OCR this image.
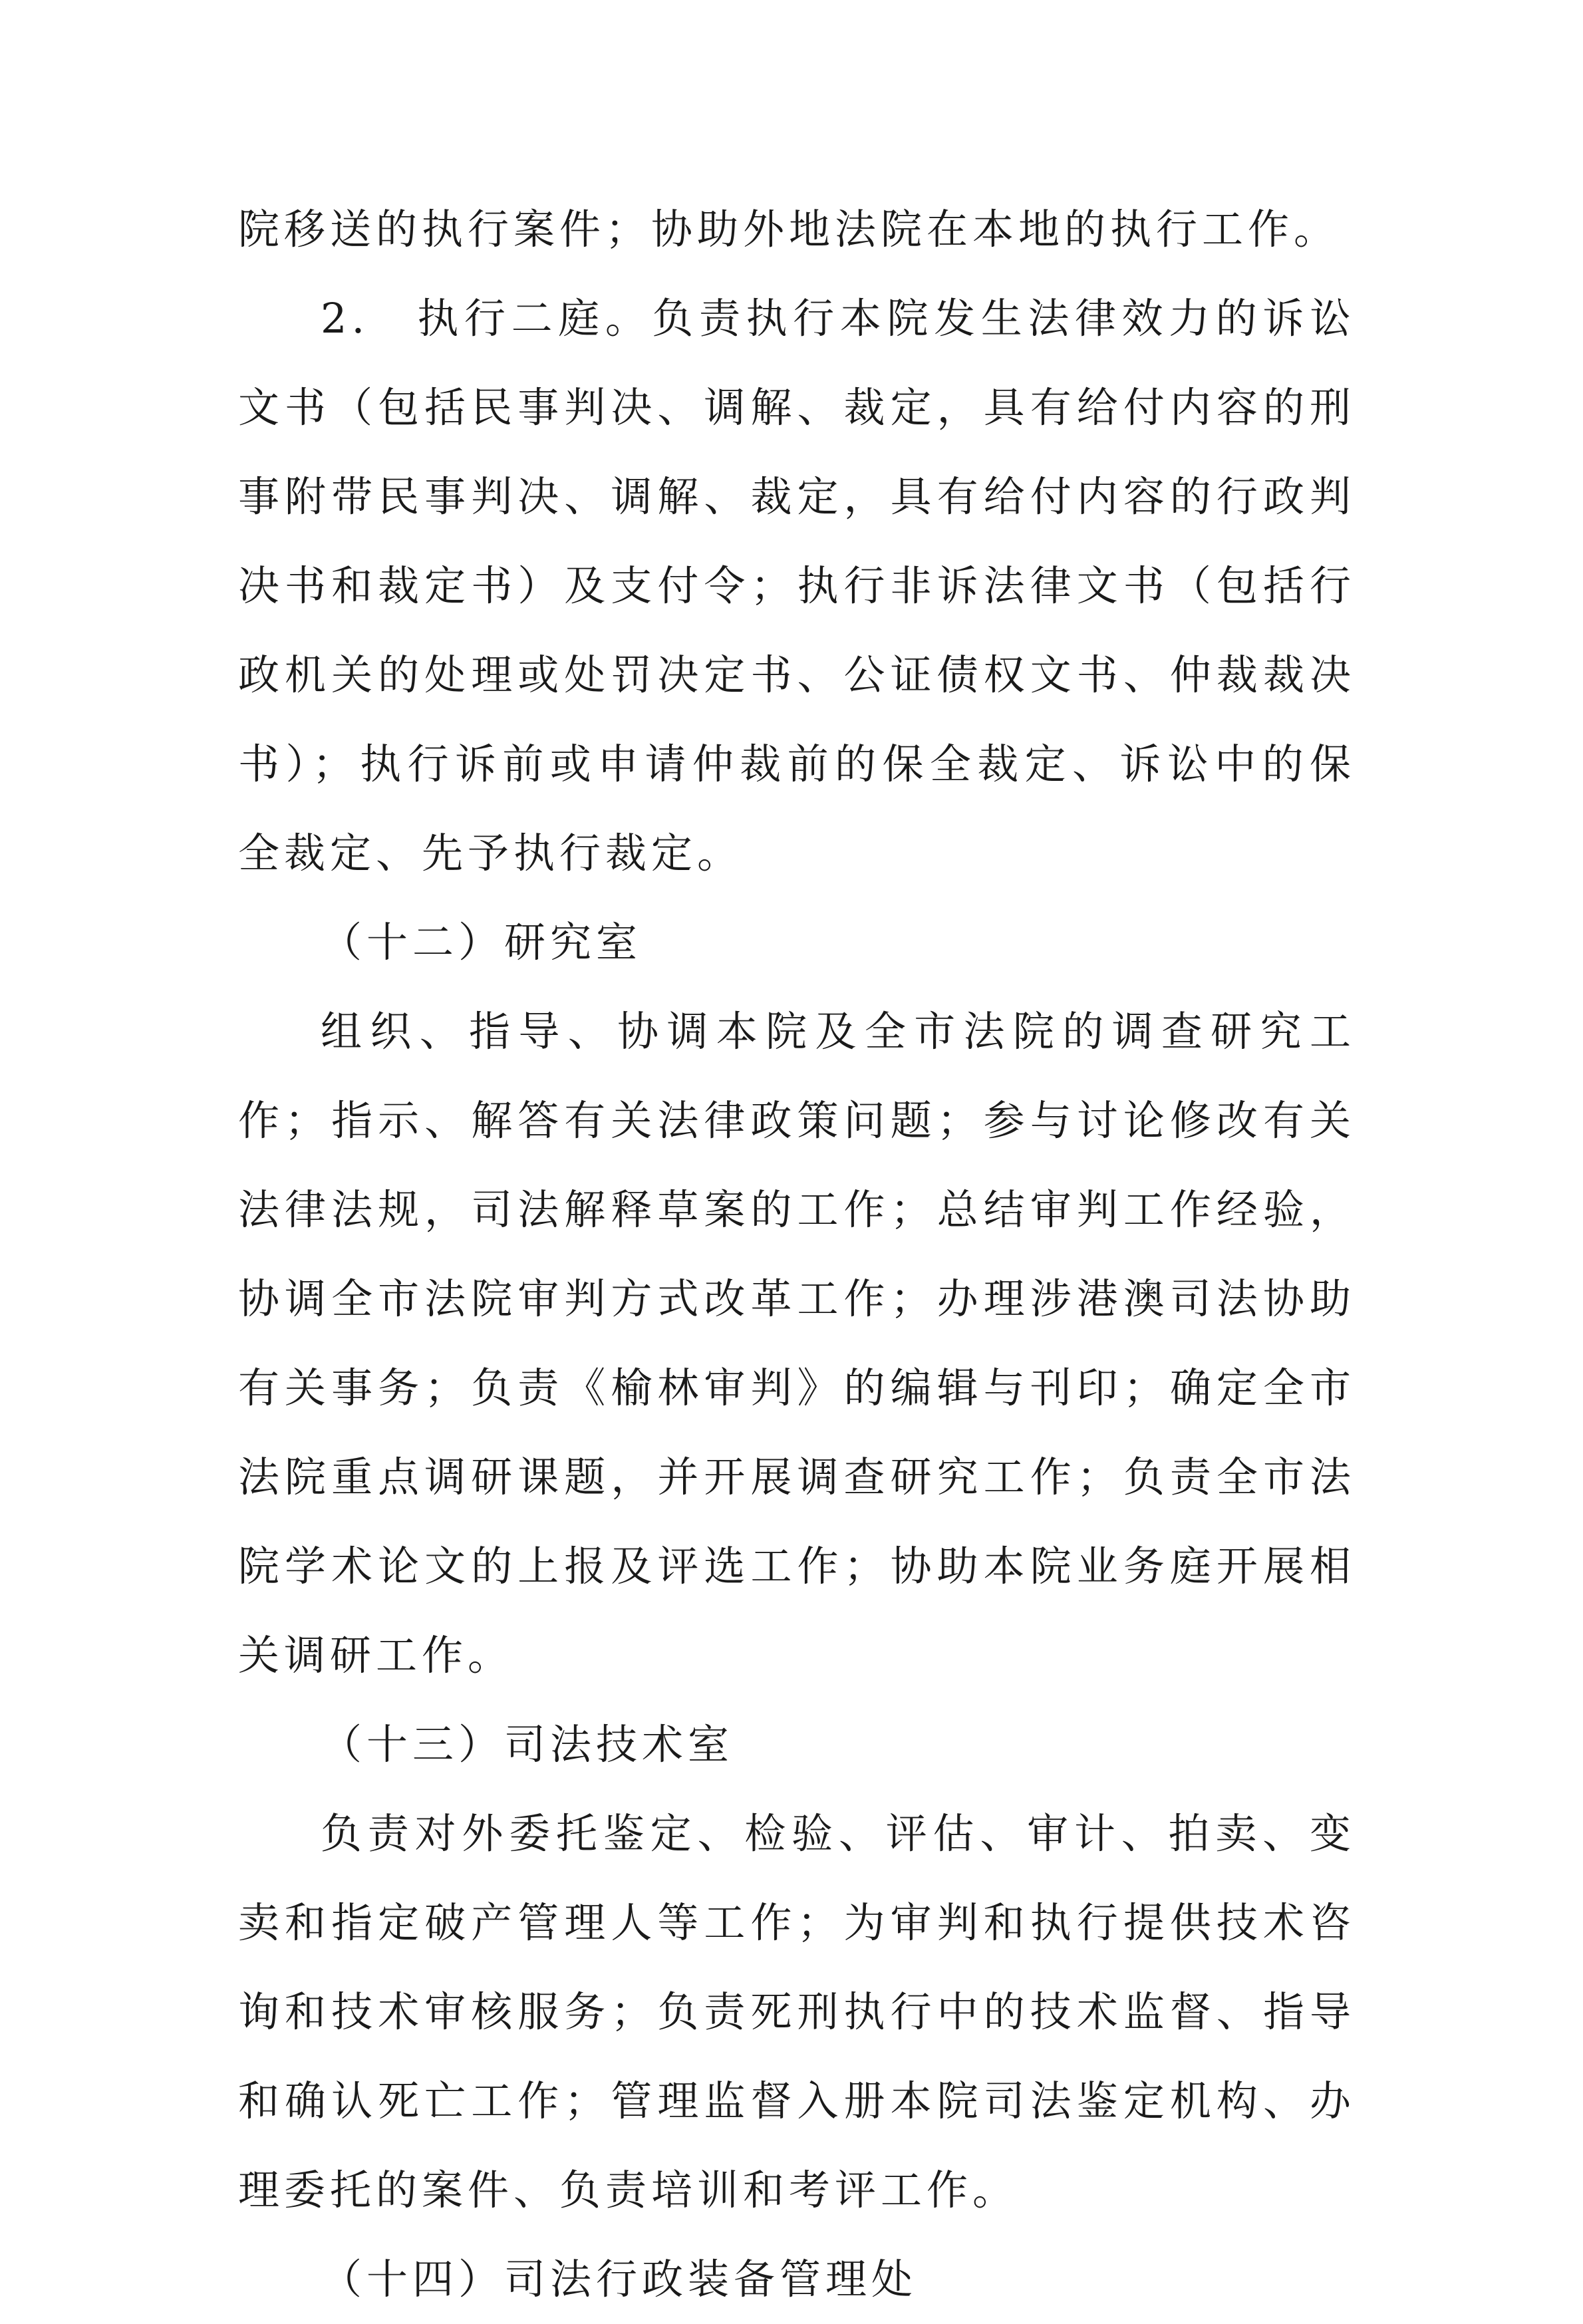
院移送的执行案件；协助外地法院在本地的执行工作。

2.　执行二庭。负责执行本院发生法律效力的诉讼文书（包括民事判决、调解、裁定，具有给付内容的刑事附带民事判决、调解、裁定，具有给付内容的行政判决书和裁定书）及支付令；执行非诉法律文书（包括行政机关的处理或处罚决定书、公证债权文书、仲裁裁决书）；执行诉前或申请仲裁前的保全裁定、诉讼中的保全裁定、先予执行裁定。

（十二）研究室

组织、指导、协调本院及全市法院的调查研究工作；指示、解答有关法律政策问题；参与讨论修改有关法律法规，司法解释草案的工作；总结审判工作经验，协调全市法院审判方式改革工作；办理涉港澳司法协助有关事务；负责《榆林审判》的编辑与刊印；确定全市法院重点调研课题，并开展调查研究工作；负责全市法院学术论文的上报及评选工作；协助本院业务庭开展相关调研工作。

（十三）司法技术室

负责对外委托鉴定、检验、评估、审计、拍卖、变卖和指定破产管理人等工作；为审判和执行提供技术咨询和技术审核服务；负责死刑执行中的技术监督、指导和确认死亡工作；管理监督入册本院司法鉴定机构、办理委托的案件、负责培训和考评工作。

（十四）司法行政装备管理处
